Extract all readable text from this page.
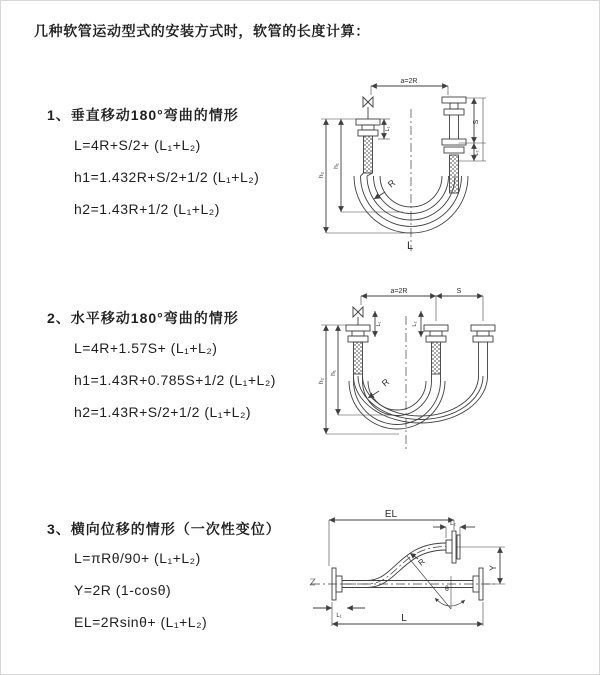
几种软管运动型式的安装方式时，软管的长度计算：
1、垂直移动180°弯曲的情形
L=4R+S/2+ (L₁+L₂)
h1=1.432R+S/2+1/2 (L₁+L₂)
h2=1.43R+1/2 (L₁+L₂)
2、水平移动180°弯曲的情形
L=4R+1.57S+ (L₁+L₂)
h1=1.43R+0.785S+1/2 (L₁+L₂)
h2=1.43R+S/2+1/2 (L₁+L₂)
3、横向位移的情形（一次性变位）
L=πRθ/90+ (L₁+L₂)
Y=2R (1-cosθ)
EL=2Rsinθ+ (L₁+L₂)
a=2R
L₁
S
L₂
h₂
h₁
R
L
a=2R	S
L₁	L₂
h₂
h₁
R
EL
L₂
Y
θ
R
L₁	L
